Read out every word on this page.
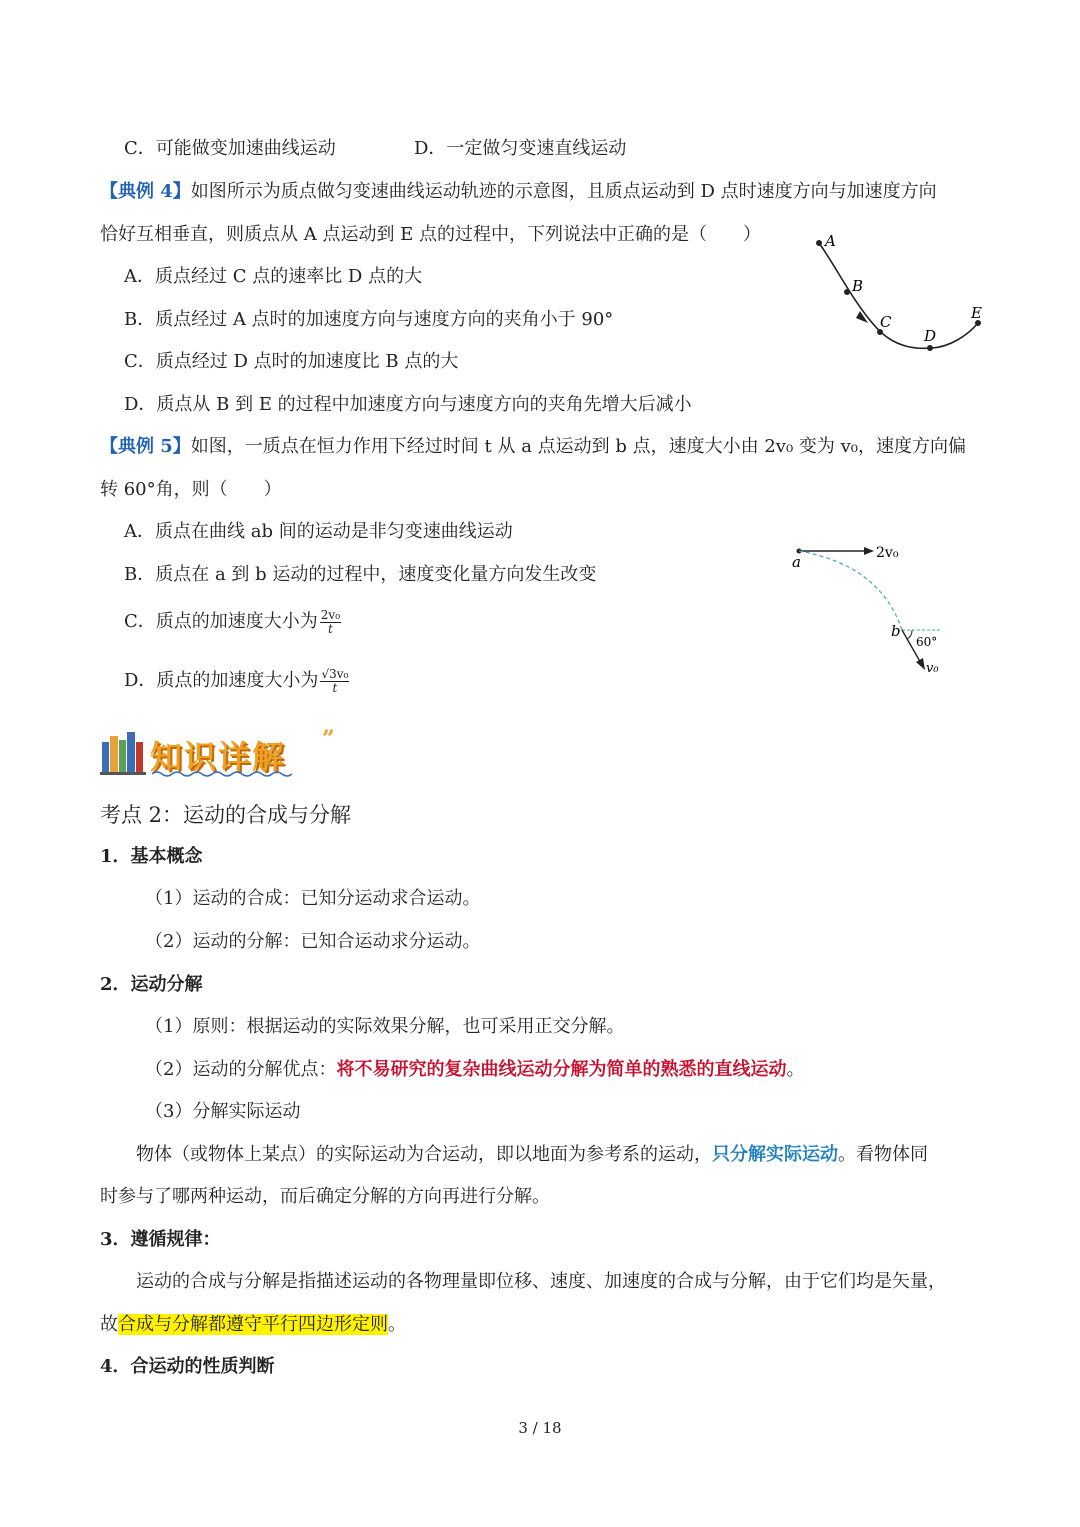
C．可能做变加速曲线运动	D．一定做匀变速直线运动
【典例 4】如图所示为质点做匀变速曲线运动轨迹的示意图，且质点运动到 D 点时速度方向与加速度方向
恰好互相垂直，则质点从 A 点运动到 E 点的过程中，下列说法中正确的是（　　）
A．质点经过 C 点的速率比 D 点的大
B．质点经过 A 点时的加速度方向与速度方向的夹角小于 90°
C．质点经过 D 点时的加速度比 B 点的大
D．质点从 B 到 E 的过程中加速度方向与速度方向的夹角先增大后减小
A
B
C
D
E
【典例 5】如图，一质点在恒力作用下经过时间 t 从 a 点运动到 b 点，速度大小由 2v₀ 变为 v₀，速度方向偏
转 60°角，则（　　）
A．质点在曲线 ab 间的运动是非匀变速曲线运动
B．质点在 a 到 b 运动的过程中，速度变化量方向发生改变
C．质点的加速度大小为 $\frac{\text{2v₀}}{t}$
D．质点的加速度大小为 $\frac{\text{√3v₀}}{t}$
a
b
2v₀
60°
v₀
知识详解 ”
考点 2：运动的合成与分解
1．基本概念
（1）运动的合成：已知分运动求合运动。
（2）运动的分解：已知合运动求分运动。
2．运动分解
（1）原则：根据运动的实际效果分解，也可采用正交分解。
（2）运动的分解优点：将不易研究的复杂曲线运动分解为简单的熟悉的直线运动。
（3）分解实际运动
物体（或物体上某点）的实际运动为合运动，即以地面为参考系的运动，只分解实际运动。看物体同
时参与了哪两种运动，而后确定分解的方向再进行分解。
3．遵循规律：
运动的合成与分解是指描述运动的各物理量即位移、速度、加速度的合成与分解，由于它们均是矢量，
故合成与分解都遵守平行四边形定则。
4．合运动的性质判断
3 / 18
